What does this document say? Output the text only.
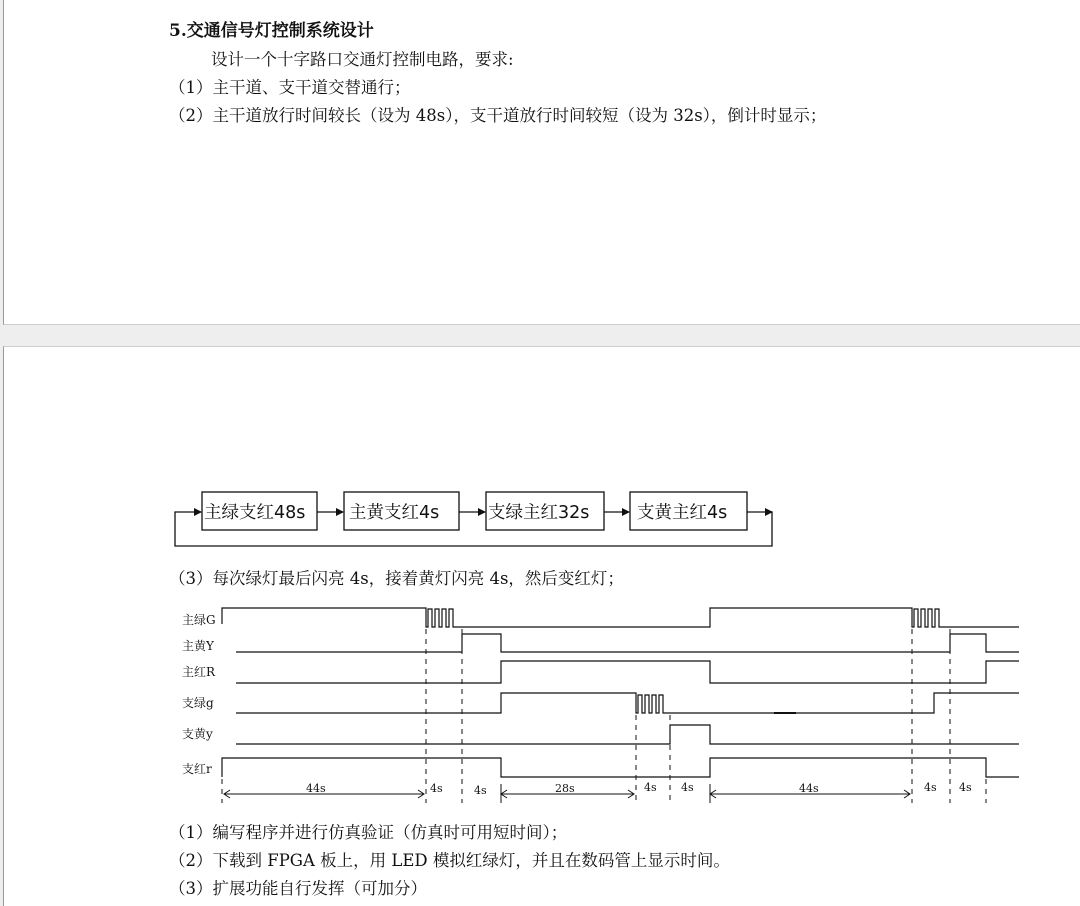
5.交通信号灯控制系统设计
设计一个十字路口交通灯控制电路，要求:
（1）主干道、支干道交替通行；
（2）主干道放行时间较长（设为 48s），支干道放行时间较短（设为 32s），倒计时显示；
主绿支红48s 主黄支红4s	支绿主红32s	支黄主红4s
（3）每次绿灯最后闪亮 4s，接着黄灯闪亮 4s，然后变红灯；
主绿G
主黄Y
主红R
支绿g
支黄y
支红r
44s	4s	4s	28s	4s 4s	44s	4s 4s
（1）编写程序并进行仿真验证（仿真时可用短时间）；
（2）下载到 FPGA 板上，用 LED 模拟红绿灯，并且在数码管上显示时间。
（3）扩展功能自行发挥（可加分）
